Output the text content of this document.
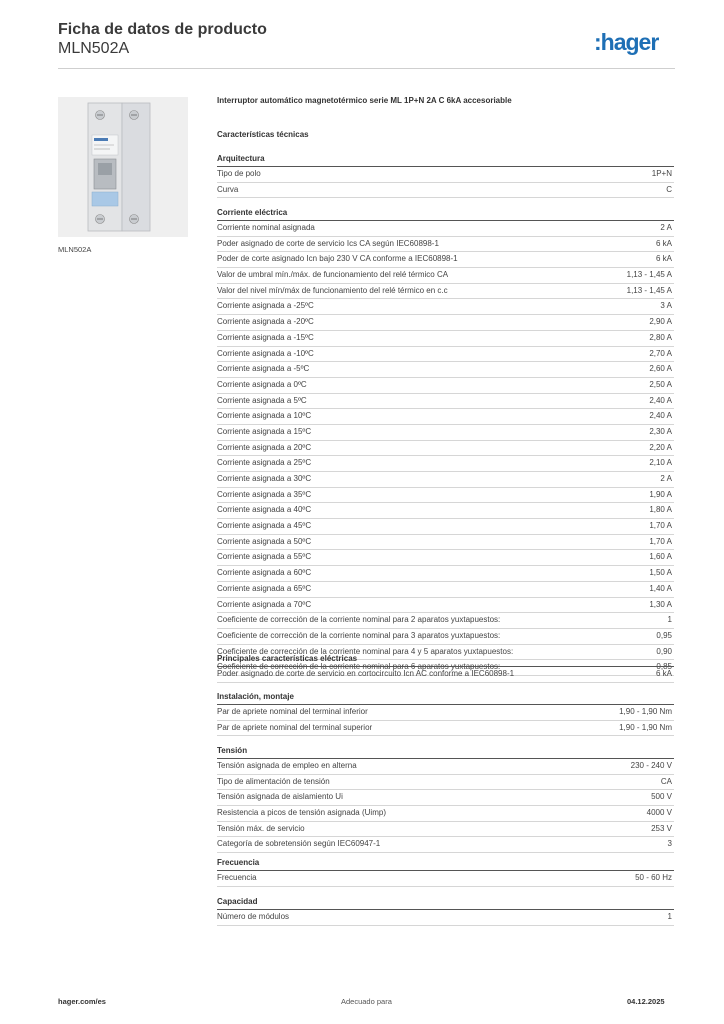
Ficha de datos de producto
MLN502A	:hager
MLN502A
Interruptor automático magnetotérmico serie ML 1P+N 2A C 6kA accesoriable
Características técnicas
Arquitectura
Tipo de polo	1P+N
Curva	C
Corriente eléctrica
Corriente nominal asignada	2 A
Poder asignado de corte de servicio Ics CA según IEC60898-1	6 kA
Poder de corte asignado Icn bajo 230 V CA conforme a IEC60898-1	6 kA
Valor de umbral mín./máx. de funcionamiento del relé térmico CA	1,13 - 1,45 A
Valor del nivel mín/máx de funcionamiento del relé térmico en c.c	1,13 - 1,45 A
Corriente asignada a -25ºC	3 A
Corriente asignada a -20ºC	2,90 A
Corriente asignada a -15ºC	2,80 A
Corriente asignada a -10ºC	2,70 A
Corriente asignada a -5ºC	2,60 A
Corriente asignada a 0ºC	2,50 A
Corriente asignada a 5ºC	2,40 A
Corriente asignada a 10ºC	2,40 A
Corriente asignada a 15ºC	2,30 A
Corriente asignada a 20ºC	2,20 A
Corriente asignada a 25ºC	2,10 A
Corriente asignada a 30ºC	2 A
Corriente asignada a 35ºC	1,90 A
Corriente asignada a 40ºC	1,80 A
Corriente asignada a 45ºC	1,70 A
Corriente asignada a 50ºC	1,70 A
Corriente asignada a 55ºC	1,60 A
Corriente asignada a 60ºC	1,50 A
Corriente asignada a 65ºC	1,40 A
Corriente asignada a 70ºC	1,30 A
Coeficiente de corrección de la corriente nominal para 2 aparatos yuxtapuestos:	1
Coeficiente de corrección de la corriente nominal para 3 aparatos yuxtapuestos:	0,95
Coeficiente de corrección de la corriente nominal para 4 y 5 aparatos yuxtapuestos:	0,90
Coeficiente de corrección de la corriente nominal para 6 aparatos yuxtapuestos:	0,85
Principales características eléctricas
Poder asignado de corte de servicio en cortocircuito Icn AC conforme a IEC60898-1	6 kA
Instalación, montaje
Par de apriete nominal del terminal inferior	1,90 - 1,90 Nm
Par de apriete nominal del terminal superior	1,90 - 1,90 Nm
Tensión
Tensión asignada de empleo en alterna	230 - 240 V
Tipo de alimentación de tensión	CA
Tensión asignada de aislamiento Ui	500 V
Resistencia a picos de tensión asignada (Uimp)	4000 V
Tensión máx. de servicio	253 V
Categoría de sobretensión según IEC60947-1	3
Frecuencia
Frecuencia	50 - 60 Hz
Capacidad
Número de módulos	1
hager.com/es	Adecuado para	04.12.2025
